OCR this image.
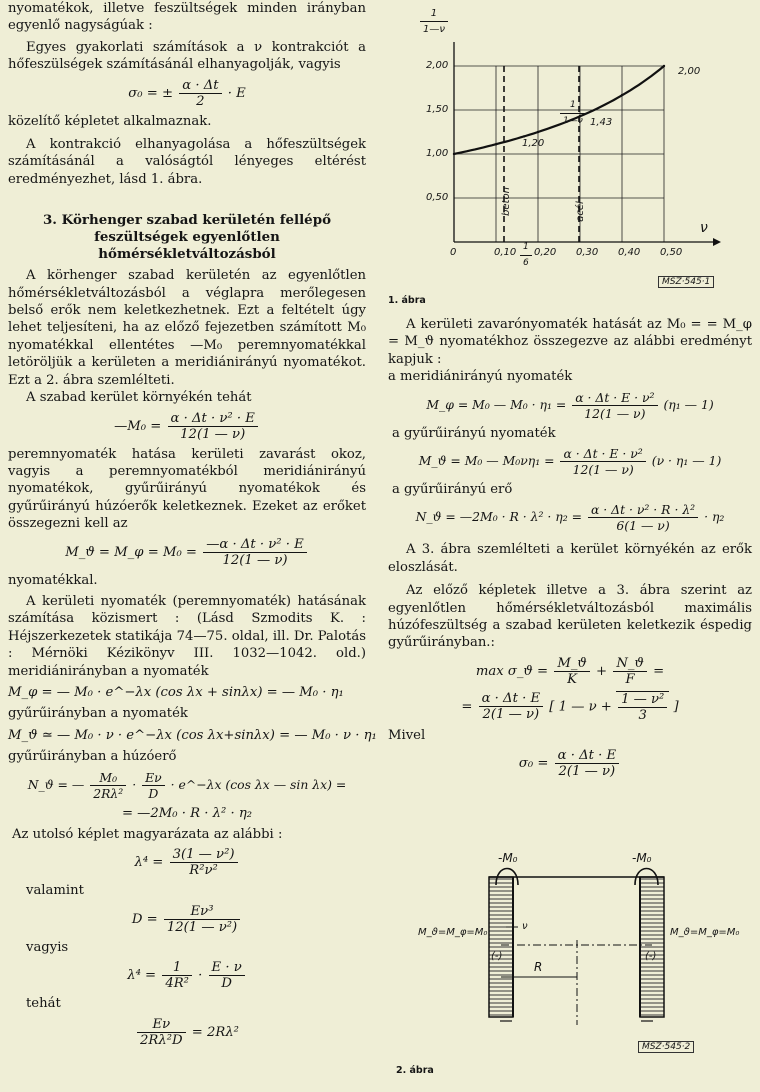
nyomatékok, illetve feszültségek minden irányban egyenlő nagyságúak :

Egyes gyakorlati számítások a ν kontrakciót a hőfeszülségek számításánál elhanyagolják, vagyis

σ₀ = ± $\frac{\alpha \cdot \Delta t}{2} \cdot E$

közelítő képletet alkalmaznak.

A kontrakció elhanyagolása a hőfeszültségek számításánál a valóságtól lényeges eltérést eredményezhet, lásd 1. ábra.

3. Körhenger szabad kerületén fellépő feszültségek egyenlőtlen hőmérsékletváltozásból

A körhenger szabad kerületén az egyenlőtlen hőmérsékletváltozásból a véglapra merőlegesen belső erők nem keletkezhetnek. Ezt a feltételt úgy lehet teljesíteni, ha az előző fejezetben számított M₀ nyomatékkal ellentétes —M₀ peremnyomatékkal letöröljük a kerületen a meridiánirányú nyomatékot. Ezt a 2. ábra szemlélteti.

A szabad kerület környékén tehát

—M₀ = $\frac{\text{α · Δt · ν² · E}}{12(1 — \nu)}$

peremnyomaték hatása kerületi zavarást okoz, vagyis a peremnyomatékból meridiánirányú nyomatékok, gyűrűirányú nyomatékok és gyűrűirányú húzóerők keletkeznek. Ezeket az erőket összegezni kell az

M_ϑ = M_φ = $M_0 = \frac{\text{—α · Δt · ν² · E}}{12(1 — \nu)}$

nyomatékkal.

A kerületi nyomaték (peremnyomaték) hatásának számítása közismert : (Lásd Szmodits K. : Héjszerkezetek statikája 74—75. oldal, ill. Dr. Palotás : Mérnöki Kézikönyv III. 1032—1042. old.) meridiánirányban a nyomaték

M_φ = — M₀ · e^−λx (cos λx + sinλx) = — M₀ · η₁

gyűrűirányban a nyomaték

M_ϑ ≃ — M₀ · ν · e^−λx (cos λx+sinλx) = — M₀ · ν · η₁

gyűrűirányban a húzóerő

N_ϑ = — $\frac{\text{M₀}}{\text{2Rλ²}} \cdot \frac{E\nu}{D}$ · e^−λx (cos λx — sin λx) =
= —2M₀ · R · λ² · η₂

Az utolsó képlet magyarázata az alábbi :

$\lambda^4 = \frac{\text{3(1 — ν²)}}{\text{R²ν²}}$

valamint

$D = \frac{\text{Eν³}}{\text{12(1 — ν²)}}$

vagyis

$\lambda^4 = \frac{1}{\text{4R²}} \cdot \frac{E \cdot \nu}{D}$

tehát

$\frac{E\nu}{\text{2Rλ²D}} = 2R\lambda^2$
$\frac{1}{1—\nu}$
ν
2,00
1,50
1,00
0,50
0	$0,10 \frac{1}{6} 0,20$ 0,30 0,40 0,50
$\frac{1}{1—\nu}$
1,20
1,43
2,00
beton	acél
MSZ·545·1
1. ábra

A kerületi zavarónyomaték hatását az M₀ = = M_φ = M_ϑ nyomatékhoz összegezve az alábbi eredményt kapjuk :

a meridiánirányú nyomaték

M_φ = M₀ — $M_0 \cdot \eta_1 = \frac{\text{α · Δt · E · ν²}}{12(1 — \nu)} (\eta_1$ — 1)

a gyűrűirányú nyomaték

M_ϑ = M₀ — $M_0\nu\eta_1 = \frac{\text{α · Δt · E · ν²}}{12(1 — \nu)} (\nu \cdot \eta_1$ — 1)

a gyűrűirányú erő

N_ϑ = —2M₀ · $R \cdot \lambda^2 \cdot \eta_2 = \frac{\text{α · Δt · ν² · R · λ²}}{6(1 — \nu)} \cdot \eta_2$

A 3. ábra szemlélteti a kerület környékén az erők eloszlását.

Az előző képletek illetve a 3. ábra szerint az egyenlőtlen hőmérsékletváltozásból maximális húzófeszültség a szabad kerületen keletkezik éspedig gyűrűirányban.:

max σ_ϑ = $\frac{M\_ϑ}{K} + \frac{N\_ϑ}{F}$ =
= $\frac{\alpha \cdot \Delta t \cdot E}{2(1 — \nu)}$ [ 1 — $\nu + \frac{\text{1 — ν²}}{3}$ ]

Mivel

$\sigma_0 = \frac{\alpha \cdot \Delta t \cdot E}{2(1 — \nu)}$
-M₀	-M₀
M_ϑ=M_φ=M₀	M_ϑ=M_φ=M₀
ν
(-)	(-)
R
MSZ·545·2
2. ábra
